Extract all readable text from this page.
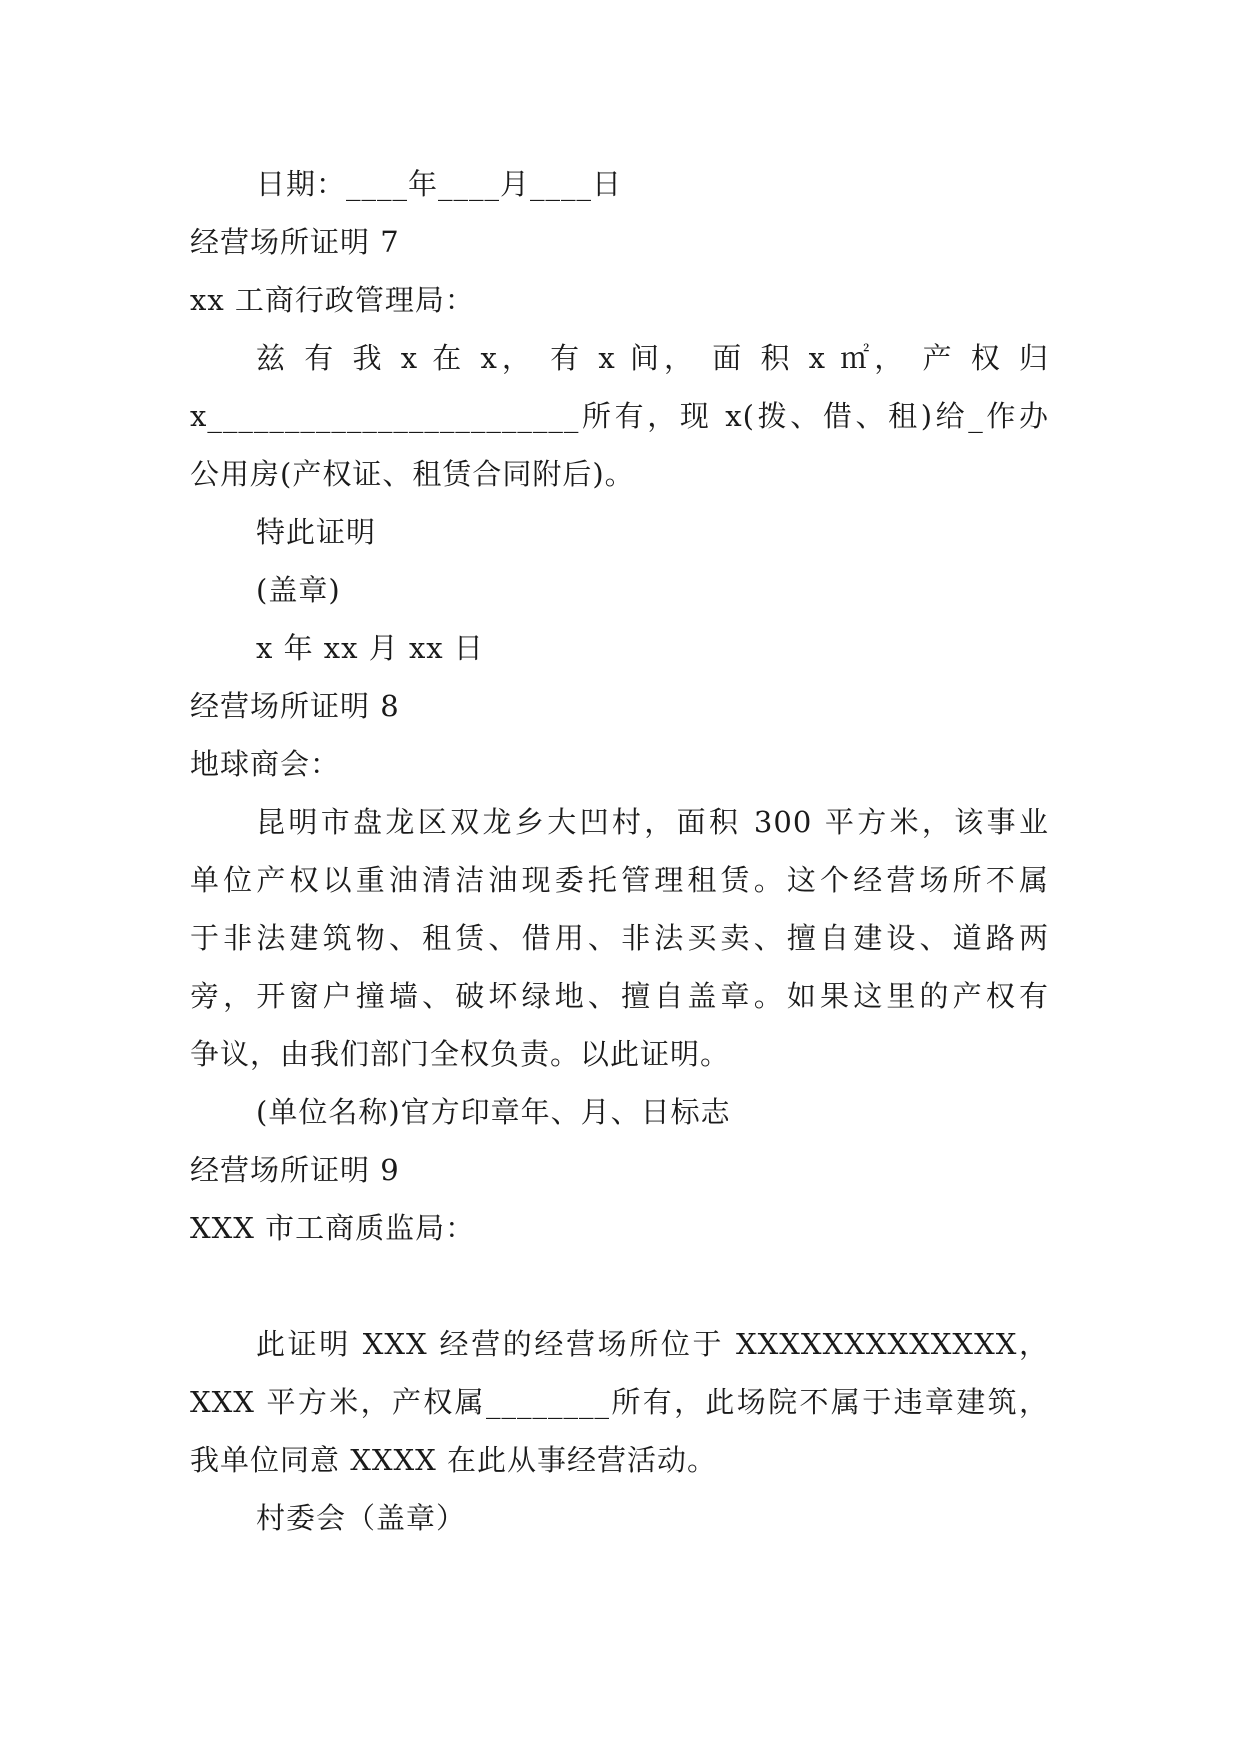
日期：____年____月____日
经营场所证明 7
xx 工商行政管理局：
兹 有 我 x 在 x， 有 x 间， 面 积 x ㎡， 产 权 归
x________________________所有，现 x(拨、借、租)给_作办
公用房(产权证、租赁合同附后)。
特此证明
(盖章)
x 年 xx 月 xx 日
经营场所证明 8
地球商会：
昆明市盘龙区双龙乡大凹村，面积 300 平方米，该事业
单位产权以重油清洁油现委托管理租赁。这个经营场所不属
于非法建筑物、租赁、借用、非法买卖、擅自建设、道路两
旁，开窗户撞墙、破坏绿地、擅自盖章。如果这里的产权有
争议，由我们部门全权负责。以此证明。
(单位名称)官方印章年、月、日标志
经营场所证明 9
XXX 市工商质监局：
此证明 XXX 经营的经营场所位于 XXXXXXXXXXXXX，
XXX 平方米，产权属________所有，此场院不属于违章建筑，
我单位同意 XXXX 在此从事经营活动。
村委会（盖章）
